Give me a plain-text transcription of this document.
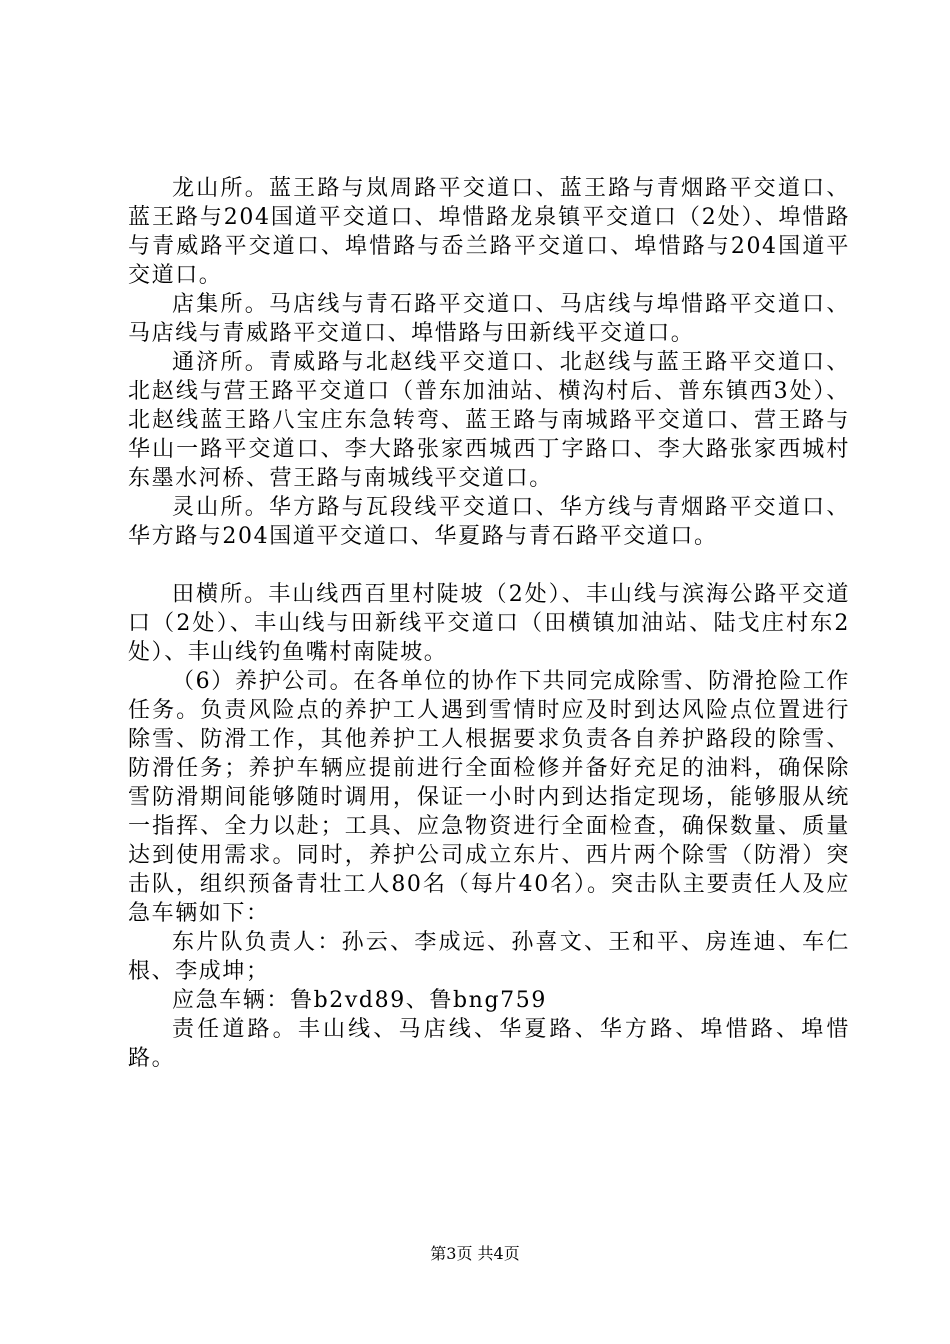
龙山所。蓝王路与岚周路平交道口、蓝王路与青烟路平交道口、蓝王路与204国道平交道口、埠惜路龙泉镇平交道口（2处）、埠惜路与青威路平交道口、埠惜路与岙兰路平交道口、埠惜路与204国道平交道口。

店集所。马店线与青石路平交道口、马店线与埠惜路平交道口、马店线与青威路平交道口、埠惜路与田新线平交道口。

通济所。青威路与北赵线平交道口、北赵线与蓝王路平交道口、北赵线与营王路平交道口（普东加油站、横沟村后、普东镇西3处）、北赵线蓝王路八宝庄东急转弯、蓝王路与南城路平交道口、营王路与华山一路平交道口、李大路张家西城西丁字路口、李大路张家西城村东墨水河桥、营王路与南城线平交道口。

灵山所。华方路与瓦段线平交道口、华方线与青烟路平交道口、华方路与204国道平交道口、华夏路与青石路平交道口。

田横所。丰山线西百里村陡坡（2处）、丰山线与滨海公路平交道口（2处）、丰山线与田新线平交道口（田横镇加油站、陆戈庄村东2处）、丰山线钓鱼嘴村南陡坡。

（6）养护公司。在各单位的协作下共同完成除雪、防滑抢险工作任务。负责风险点的养护工人遇到雪情时应及时到达风险点位置进行除雪、防滑工作，其他养护工人根据要求负责各自养护路段的除雪、防滑任务；养护车辆应提前进行全面检修并备好充足的油料，确保除雪防滑期间能够随时调用，保证一小时内到达指定现场，能够服从统一指挥、全力以赴；工具、应急物资进行全面检查，确保数量、质量达到使用需求。同时，养护公司成立东片、西片两个除雪（防滑）突击队，组织预备青壮工人80名（每片40名）。突击队主要责任人及应急车辆如下：

东片队负责人：孙云、李成远、孙喜文、王和平、房连迪、车仁根、李成坤；

应急车辆：鲁b2vd89、鲁bng759

责任道路。丰山线、马店线、华夏路、华方路、埠惜路、埠惜路。

第3页 共4页
